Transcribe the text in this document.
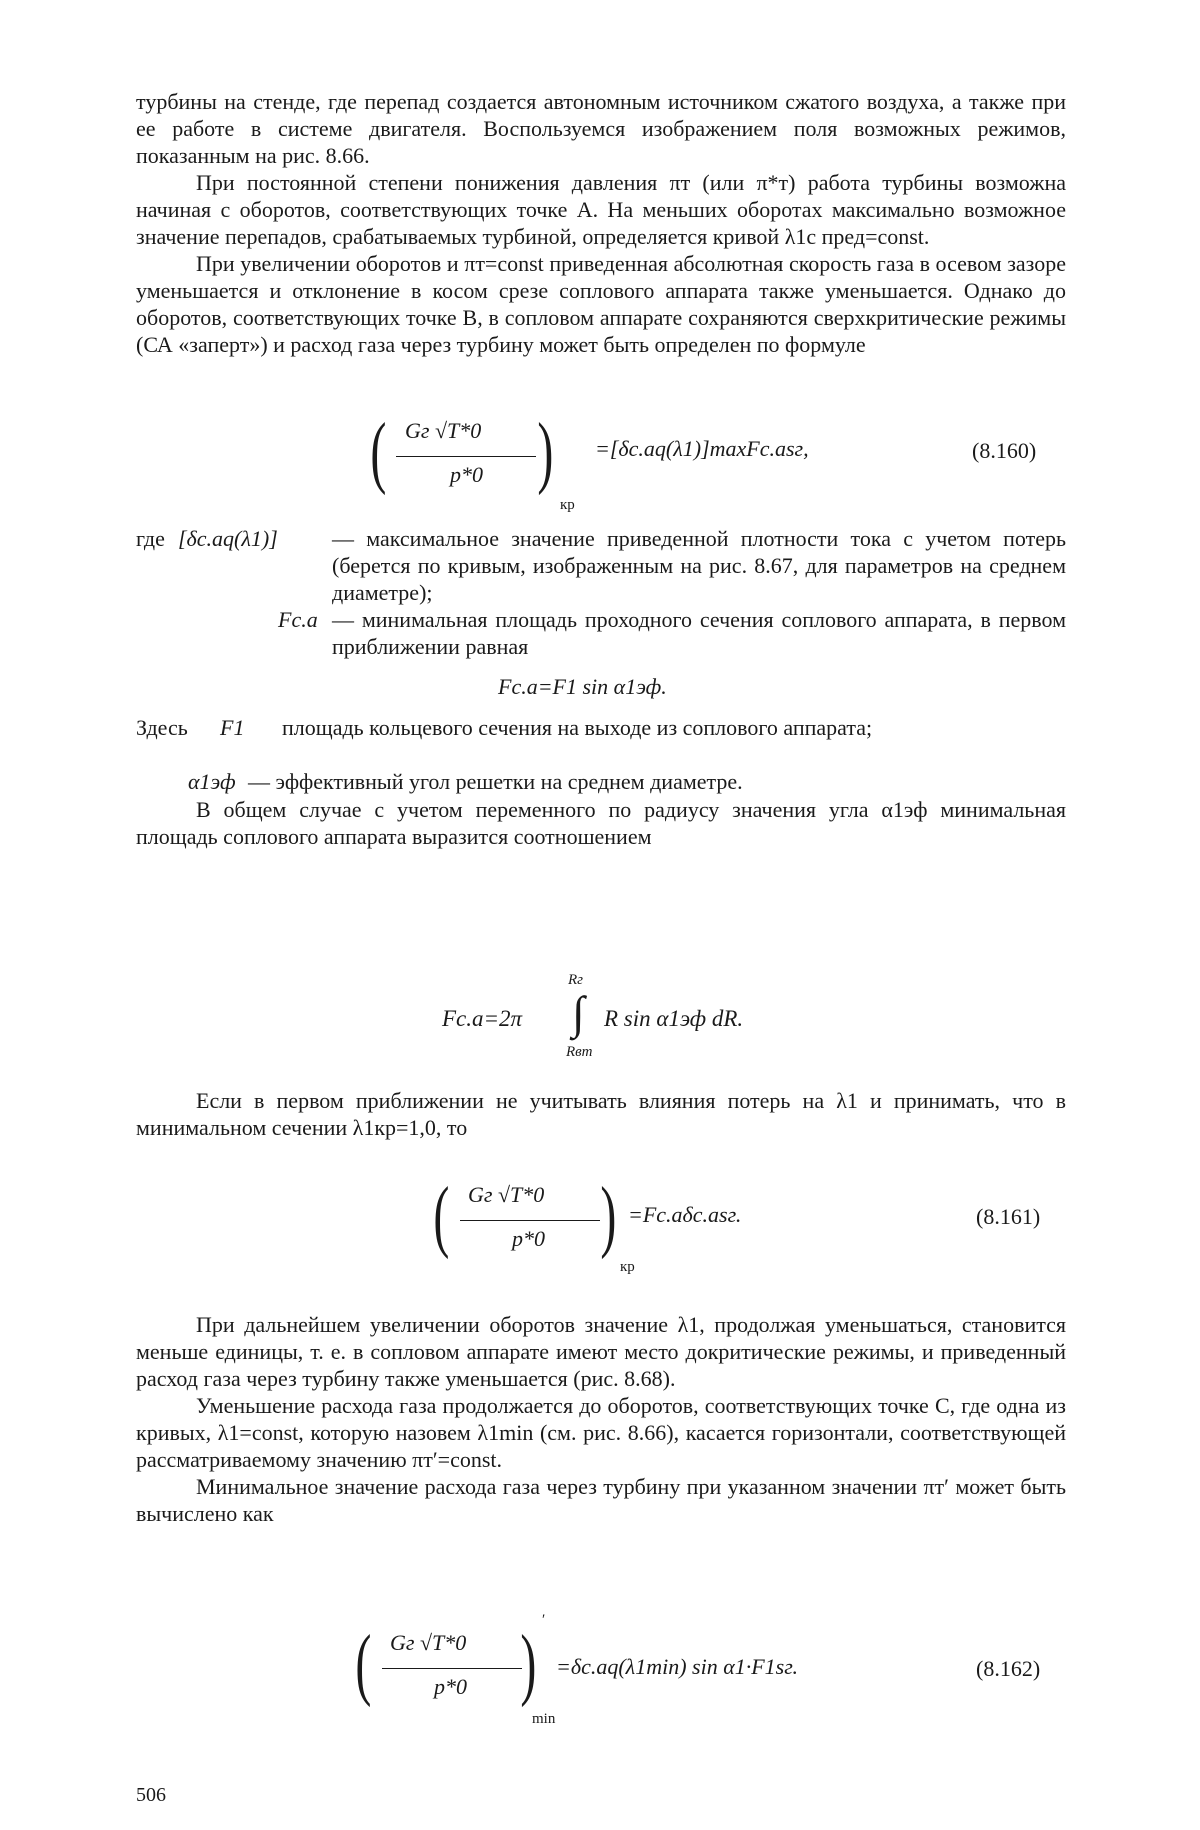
турбины на стенде, где перепад создается автономным источником сжатого воздуха, а также при ее работе в системе двигателя. Воспользуемся изображением поля возможных режимов, показанным на рис. 8.66.

При постоянной степени понижения давления πт (или π*т) работа турбины возможна начиная с оборотов, соответствующих точке A. На меньших оборотах максимально возможное значение перепадов, срабатываемых турбиной, определяется кривой λ1с пред=const.

При увеличении оборотов и πт=const приведенная абсолютная скорость газа в осевом зазоре уменьшается и отклонение в косом срезе соплового аппарата также уменьшается. Однако до оборотов, соответствующих точке B, в сопловом аппарате сохраняются сверхкритические режимы (СА «заперт») и расход газа через турбину может быть определен по формуле

( Gг √T*0
p*0 )
кр
=[δс.аq(λ1)]maxFс.аsг,	(8.160)
где [δс.аq(λ1)] — максимальное значение приведенной плотности тока с учетом потерь (берется по кривым, изображенным на рис. 8.67, для параметров на среднем диаметре);
Fс.а — минимальная площадь проходного сечения соплового аппарата, в первом приближении равная
Fс.а=F1 sin α1эф.
Здесь F1 площадь кольцевого сечения на выходе из соплового аппарата;
α1эф — эффективный угол решетки на среднем диаметре.

В общем случае с учетом переменного по радиусу значения угла α1эф минимальная площадь соплового аппарата выразится соотношением

Fс.а=2π
Rг
∫
Rвт
R sin α1эф dR.

Если в первом приближении не учитывать влияния потерь на λ1 и принимать, что в минимальном сечении λ1кр=1,0, то

( Gг √T*0
p*0 )
кр
=Fс.аδс.аsг.	(8.161)

При дальнейшем увеличении оборотов значение λ1, продолжая уменьшаться, становится меньше единицы, т. е. в сопловом аппарате имеют место докритические режимы, и приведенный расход газа через турбину также уменьшается (рис. 8.68).

Уменьшение расхода газа продолжается до оборотов, соответствующих точке C, где одна из кривых, λ1=const, которую назовем λ1min (см. рис. 8.66), касается горизонтали, соответствующей рассматриваемому значению πт′=const.

Минимальное значение расхода газа через турбину при указанном значении πт′ может быть вычислено как

( Gг √T*0
p*0 ) ′
min
=δс.аq(λ1min) sin α1·F1sг.	(8.162)
506
